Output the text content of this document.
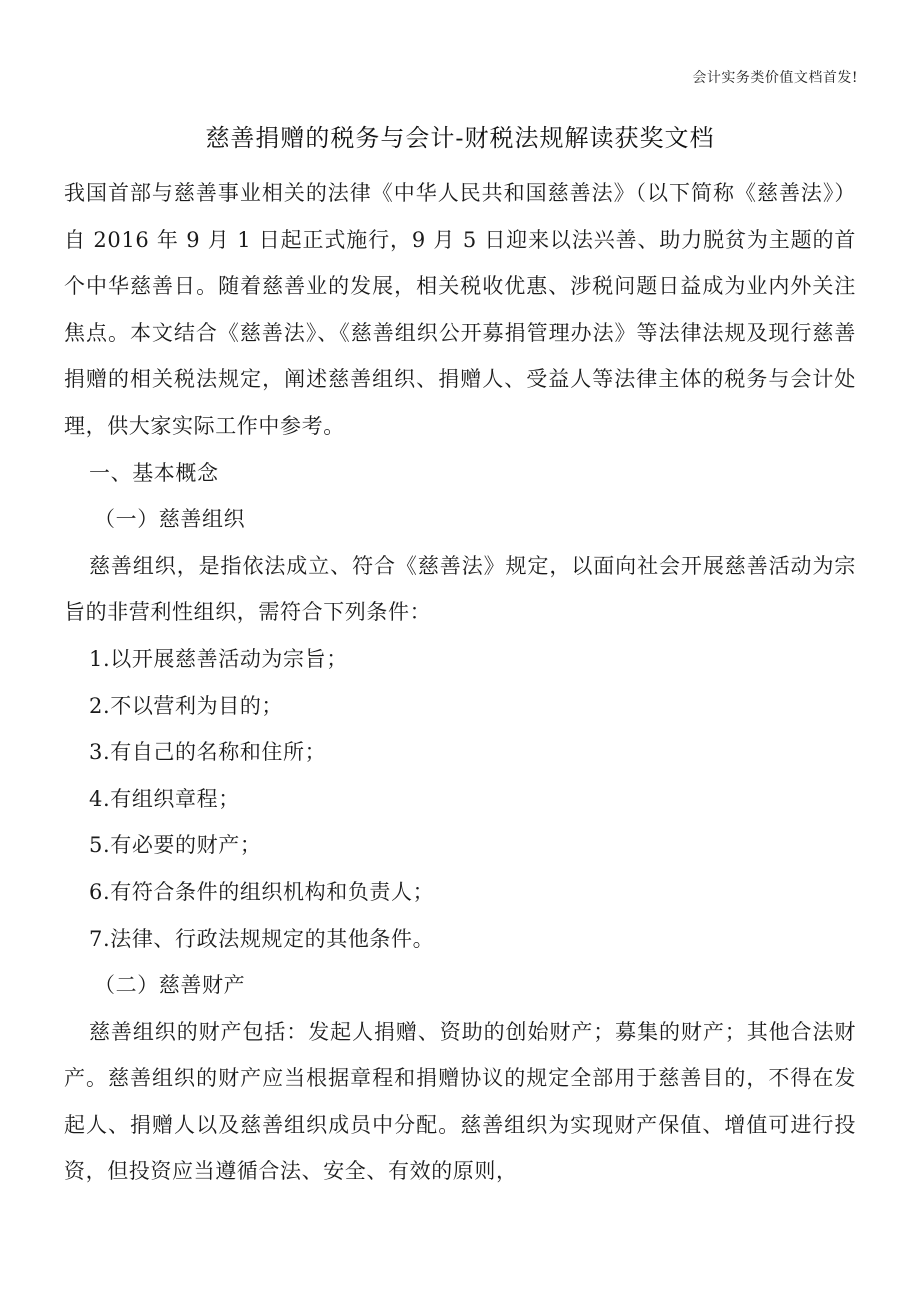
会计实务类价值文档首发!
慈善捐赠的税务与会计-财税法规解读获奖文档

我国首部与慈善事业相关的法律《中华人民共和国慈善法》（以下简称《慈善法》）自 2016 年 9 月 1 日起正式施行，9 月 5 日迎来以法兴善、助力脱贫为主题的首个中华慈善日。随着慈善业的发展，相关税收优惠、涉税问题日益成为业内外关注焦点。本文结合《慈善法》、《慈善组织公开募捐管理办法》等法律法规及现行慈善捐赠的相关税法规定，阐述慈善组织、捐赠人、受益人等法律主体的税务与会计处理，供大家实际工作中参考。

一、基本概念

（一）慈善组织

慈善组织，是指依法成立、符合《慈善法》规定，以面向社会开展慈善活动为宗旨的非营利性组织，需符合下列条件：

1.以开展慈善活动为宗旨；

2.不以营利为目的；

3.有自己的名称和住所；

4.有组织章程；

5.有必要的财产；

6.有符合条件的组织机构和负责人；

7.法律、行政法规规定的其他条件。

（二）慈善财产

慈善组织的财产包括：发起人捐赠、资助的创始财产；募集的财产；其他合法财产。慈善组织的财产应当根据章程和捐赠协议的规定全部用于慈善目的，不得在发起人、捐赠人以及慈善组织成员中分配。慈善组织为实现财产保值、增值可进行投资，但投资应当遵循合法、安全、有效的原则，
